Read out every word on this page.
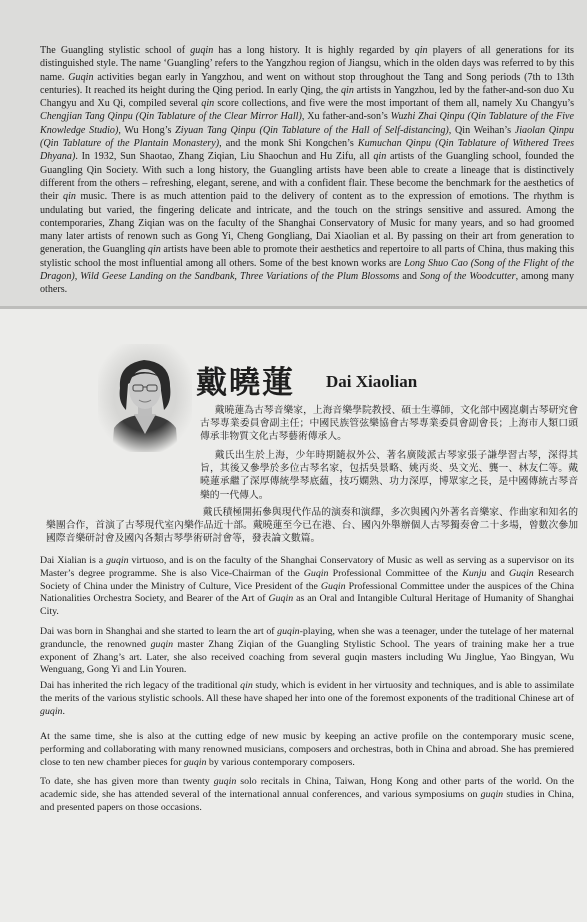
The Guangling stylistic school of guqin has a long history. It is highly regarded by qin players of all generations for its distinguished style. The name ‘Guangling’ refers to the Yangzhou region of Jiangsu, which in the olden days was referred to by this name. Guqin activities began early in Yangzhou, and went on without stop throughout the Tang and Song periods (7th to 13th centuries). It reached its height during the Qing period. In early Qing, the qin artists in Yangzhou, led by the father-and-son duo Xu Changyu and Xu Qi, compiled several qin score collections, and five were the most important of them all, namely Xu Changyu’s Chengjian Tang Qinpu (Qin Tablature of the Clear Mirror Hall), Xu father-and-son’s Wuzhi Zhai Qinpu (Qin Tablature of the Five Knowledge Studio), Wu Hong’s Ziyuan Tang Qinpu (Qin Tablature of the Hall of Self-distancing), Qin Weihan’s Jiaolan Qinpu (Qin Tablature of the Plantain Monastery), and the monk Shi Kongchen’s Kumuchan Qinpu (Qin Tablature of Withered Trees Dhyana). In 1932, Sun Shaotao, Zhang Ziqian, Liu Shaochun and Hu Zifu, all qin artists of the Guangling school, founded the Guangling Qin Society. With such a long history, the Guangling artists have been able to create a lineage that is distinctively different from the others – refreshing, elegant, serene, and with a confident flair. These become the benchmark for the aesthetics of their qin music. There is as much attention paid to the delivery of content as to the expression of emotions. The rhythm is undulating but varied, the fingering delicate and intricate, and the touch on the strings sensitive and assured. Among the contemporaries, Zhang Ziqian was on the faculty of the Shanghai Conservatory of Music for many years, and so had groomed many later artists of renown such as Gong Yi, Cheng Gongliang, Dai Xiaolian et al. By passing on their art from generation to generation, the Guangling qin artists have been able to promote their aesthetics and repertoire to all parts of China, thus making this stylistic school the most influential among all others. Some of the best known works are Long Shuo Cao (Song of the Flight of the Dragon), Wild Geese Landing on the Sandbank, Three Variations of the Plum Blossoms and Song of the Woodcutter, among many others.

戴曉蓮 Dai Xiaolian

戴曉蓮為古琴音樂家，上海音樂學院教授、碩士生導師，文化部中國崑劇古琴研究會古琴專業委員會副主任；中國民族管弦樂協會古琴專業委員會副會長；上海市人類口頭傳承非物質文化古琴藝術傳承人。

戴氏出生於上海，少年時期隨叔外公、著名廣陵派古琴家張子謙學習古琴，深得其旨，其後又參學於多位古琴名家，包括吳景略、姚丙炎、吳文光、龔一、林友仁等。戴曉蓮承繼了深厚傳統學琴底蘊，技巧嫻熟、功力深厚，博眾家之長，是中國傳統古琴音樂的一代傳人。

戴氏積極開拓參與現代作品的演奏和演繹，多次與國內外著名音樂家、作曲家和知名的樂團合作，首演了古琴現代室內樂作品近十部。戴曉蓮至今已在港、台、國內外舉辦個人古琴獨奏會二十多場，曾數次參加國際音樂研討會及國內各類古琴學術研討會等，發表論文數篇。

Dai Xialian is a guqin virtuoso, and is on the faculty of the Shanghai Conservatory of Music as well as serving as a supervisor on its Master’s degree programme. She is also Vice-Chairman of the Guqin Professional Committee of the Kunju and Guqin Research Society of China under the Ministry of Culture, Vice President of the Guqin Professional Committee under the auspices of the China Nationalities Orchestra Society, and Bearer of the Art of Guqin as an Oral and Intangible Cultural Heritage of Humanity of Shanghai City.

Dai was born in Shanghai and she started to learn the art of guqin-playing, when she was a teenager, under the tutelage of her maternal granduncle, the renowned guqin master Zhang Ziqian of the Guangling Stylistic School. The years of training make her a true exponent of Zhang’s art. Later, she also received coaching from several guqin masters including Wu Jinglue, Yao Bingyan, Wu Wenguang, Gong Yi and Lin Youren.

Dai has inherited the rich legacy of the traditional qin study, which is evident in her virtuosity and techniques, and is able to assimilate the merits of the various stylistic schools. All these have shaped her into one of the foremost exponents of the traditional Chinese art of guqin.

At the same time, she is also at the cutting edge of new music by keeping an active profile on the contemporary music scene, performing and collaborating with many renowned musicians, composers and orchestras, both in China and abroad. She has premiered close to ten new chamber pieces for guqin by various contemporary composers.

To date, she has given more than twenty guqin solo recitals in China, Taiwan, Hong Kong and other parts of the world. On the academic side, she has attended several of the international annual conferences, and various symposiums on guqin studies in China, and presented papers on those occasions.
